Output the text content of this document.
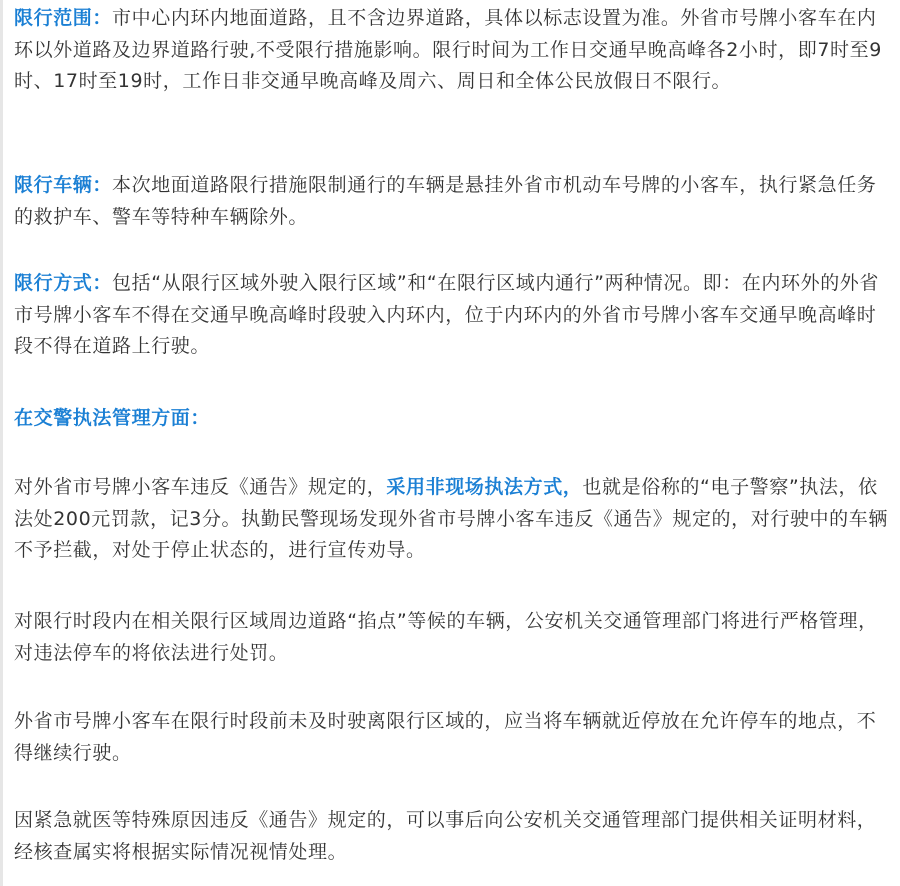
限行范围：市中心内环内地面道路，且不含边界道路，具体以标志设置为准。外省市号牌小客车在内环以外道路及边界道路行驶,不受限行措施影响。限行时间为工作日交通早晚高峰各2小时，即7时至9时、17时至19时，工作日非交通早晚高峰及周六、周日和全体公民放假日不限行。

限行车辆：本次地面道路限行措施限制通行的车辆是悬挂外省市机动车号牌的小客车，执行紧急任务的救护车、警车等特种车辆除外。

限行方式：包括“从限行区域外驶入限行区域”和“在限行区域内通行”两种情况。即：在内环外的外省市号牌小客车不得在交通早晚高峰时段驶入内环内，位于内环内的外省市号牌小客车交通早晚高峰时段不得在道路上行驶。

在交警执法管理方面：

对外省市号牌小客车违反《通告》规定的，采用非现场执法方式，也就是俗称的“电子警察”执法，依法处200元罚款，记3分。执勤民警现场发现外省市号牌小客车违反《通告》规定的，对行驶中的车辆不予拦截，对处于停止状态的，进行宣传劝导。

对限行时段内在相关限行区域周边道路“掐点”等候的车辆，公安机关交通管理部门将进行严格管理，对违法停车的将依法进行处罚。

外省市号牌小客车在限行时段前未及时驶离限行区域的，应当将车辆就近停放在允许停车的地点，不得继续行驶。

因紧急就医等特殊原因违反《通告》规定的，可以事后向公安机关交通管理部门提供相关证明材料，经核查属实将根据实际情况视情处理。
